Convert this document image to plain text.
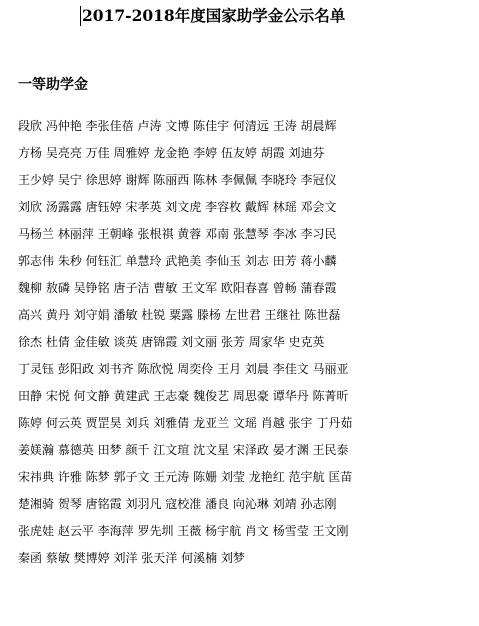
2017-2018年度国家助学金公示名单
一等助学金
段欣 冯仲艳 李张佳蓓 卢涛 文博 陈佳宇 何清远 王涛 胡晨辉
方杨 吴亮亮 万佳 周雅婷 龙金艳 李婷 伍友婷 胡霞 刘迪芬
王少婷 吴宁 徐思婷 谢辉 陈丽西 陈林 李佩佩 李晓玲 李冠仪
刘欣 汤露露 唐钰婷 宋孝英 刘文虎 李容枚 戴辉 林瑶 邓会文
马杨兰 林丽萍 王朝峰 张根祺 黄蓉 邓南 张慧琴 李冰 李习民
郭志伟 朱秒 何钰汇 单慧玲 武艳美 李仙玉 刘志 田芳 蒋小麟
魏柳 敖磷 吴铮铭 唐子洁 曹敏 王文军 欧阳春喜 曾畅 蒲春霞
高兴 黄丹 刘守娟 潘敏 杜锐 粟露 滕杨 左世君 王继社 陈世磊
徐杰 杜倩 金佳敏 谈英 唐锦霞 刘文丽 张芳 周家华 史克英
丁灵钰 彭阳政 刘书齐 陈欣悦 周奕伶 王月 刘晨 李佳文 马丽亚
田静 宋悦 何文静 黄建武 王志豪 魏俊艺 周思豪 谭华丹 陈菁昕
陈婷 何云英 贾罡昊 刘兵 刘雅倩 龙亚兰 文瑶 肖越 张宇 丁丹茹
姜媄瀚 慕德英 田梦 颜千 江文瑄 沈文星 宋泽政 晏才渊 王民泰
宋祎典 许雅 陈梦 郭子文 王元涛 陈姗 刘莹 龙艳红 范宇航 匡苗
楚湘骑 贺琴 唐铭霞 刘羽凡 寇校准 潘良 向沁琳 刘靖 孙志刚
张虎娃 赵云平 李海萍 罗先圳 王薇 杨宇航 肖文 杨雪莹 王文刚
秦函 蔡敏 樊博婷 刘洋 张天洋 何溪楠 刘梦
